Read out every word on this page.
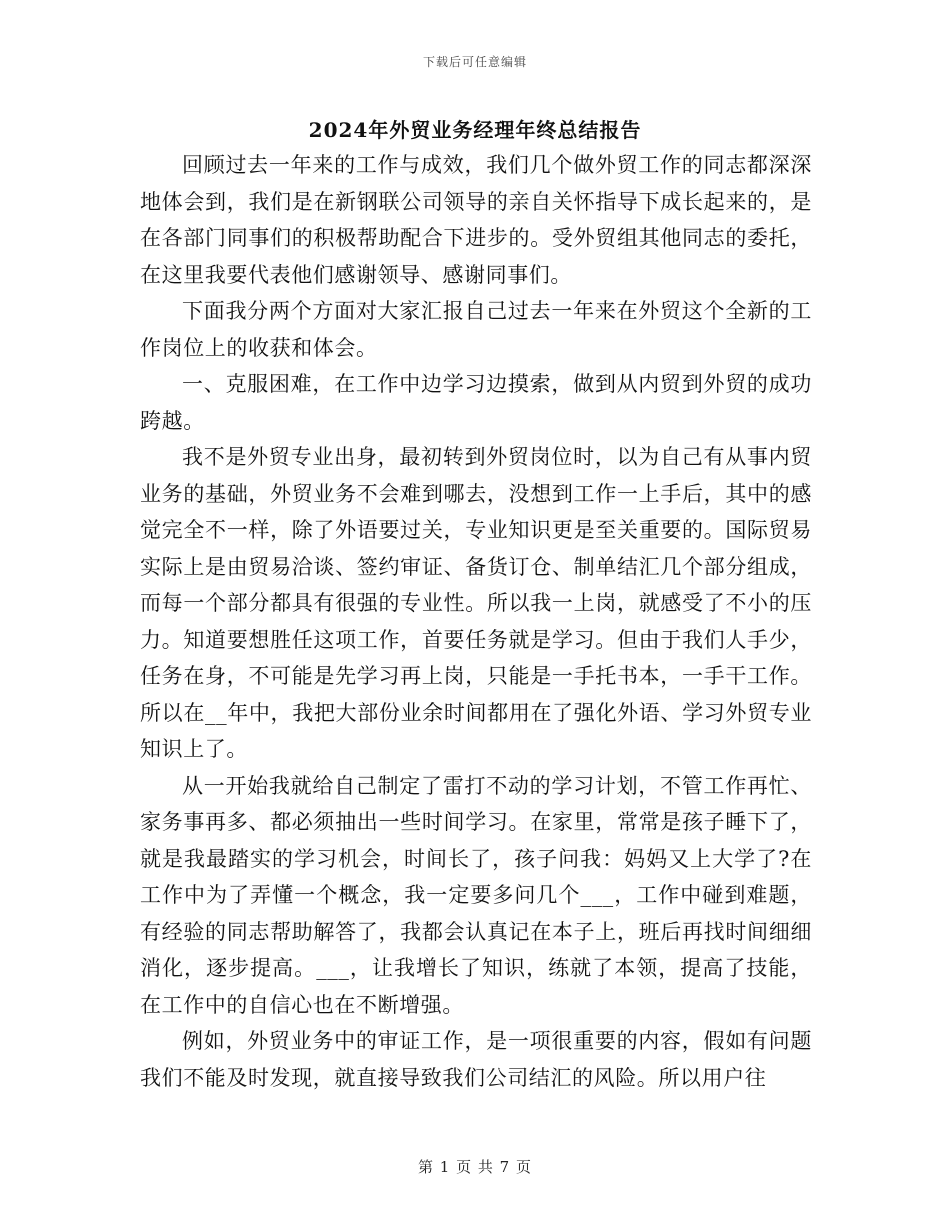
下载后可任意编辑
2024年外贸业务经理年终总结报告

回顾过去一年来的工作与成效，我们几个做外贸工作的同志都深深地体会到，我们是在新钢联公司领导的亲自关怀指导下成长起来的，是在各部门同事们的积极帮助配合下进步的。受外贸组其他同志的委托，在这里我要代表他们感谢领导、感谢同事们。

下面我分两个方面对大家汇报自己过去一年来在外贸这个全新的工作岗位上的收获和体会。

一、克服困难，在工作中边学习边摸索，做到从内贸到外贸的成功跨越。

我不是外贸专业出身，最初转到外贸岗位时，以为自己有从事内贸业务的基础，外贸业务不会难到哪去，没想到工作一上手后，其中的感觉完全不一样，除了外语要过关，专业知识更是至关重要的。国际贸易实际上是由贸易洽谈、签约审证、备货订仓、制单结汇几个部分组成，而每一个部分都具有很强的专业性。所以我一上岗，就感受了不小的压力。知道要想胜任这项工作，首要任务就是学习。但由于我们人手少，任务在身，不可能是先学习再上岗，只能是一手托书本，一手干工作。所以在__年中，我把大部份业余时间都用在了强化外语、学习外贸专业知识上了。

从一开始我就给自己制定了雷打不动的学习计划，不管工作再忙、家务事再多、都必须抽出一些时间学习。在家里，常常是孩子睡下了，就是我最踏实的学习机会，时间长了，孩子问我：妈妈又上大学了?在工作中为了弄懂一个概念，我一定要多问几个___，工作中碰到难题，有经验的同志帮助解答了，我都会认真记在本子上，班后再找时间细细消化，逐步提高。___，让我增长了知识，练就了本领，提高了技能，在工作中的自信心也在不断增强。

例如，外贸业务中的审证工作，是一项很重要的内容，假如有问题我们不能及时发现，就直接导致我们公司结汇的风险。所以用户往

第 1 页 共 7 页
